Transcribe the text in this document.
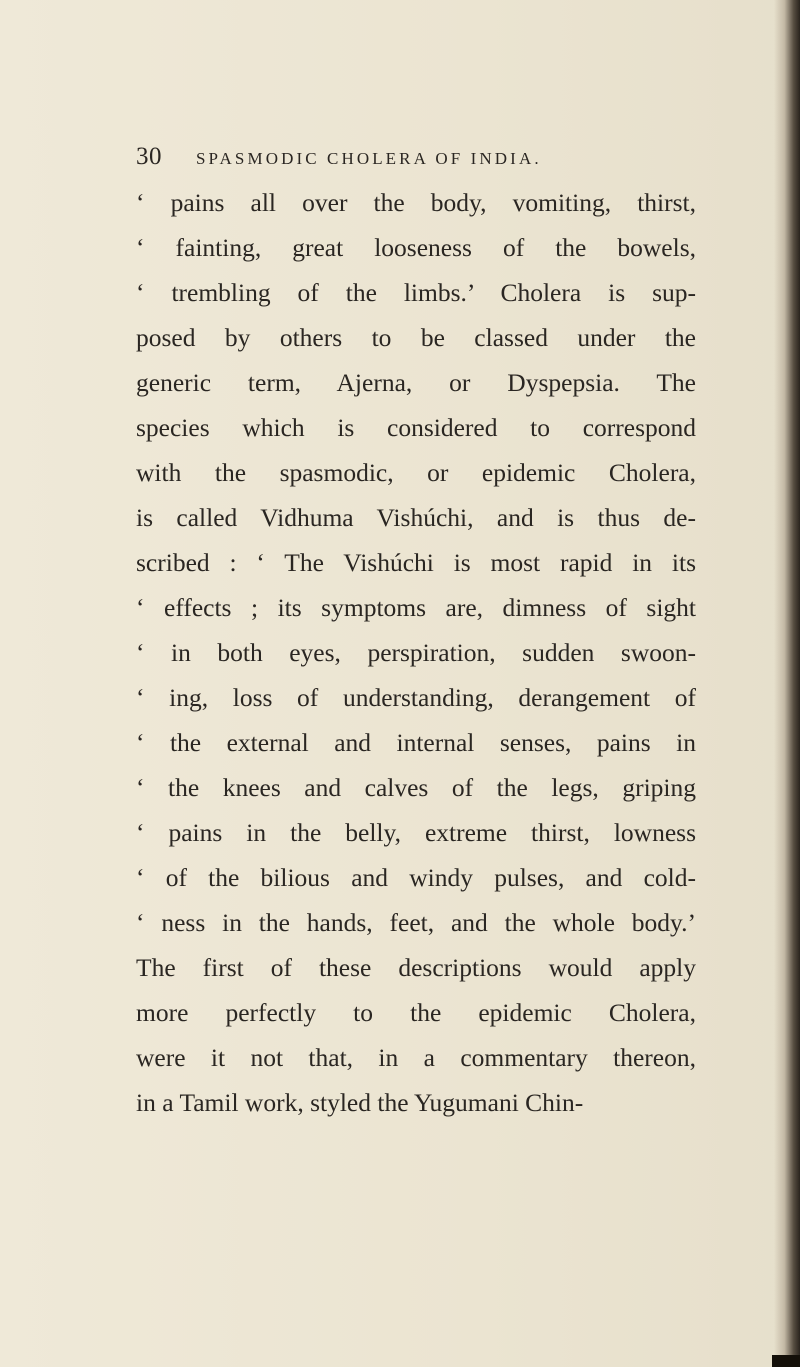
30 SPASMODIC CHOLERA OF INDIA.
‘ pains all over the body, vomiting, thirst,
‘ fainting, great looseness of the bowels,
‘ trembling of the limbs.’ Cholera is sup-
posed by others to be classed under the
generic term, Ajerna, or Dyspepsia. The
species which is considered to correspond
with the spasmodic, or epidemic Cholera,
is called Vidhuma Vishúchi, and is thus de-
scribed : ‘ The Vishúchi is most rapid in its
‘ effects ; its symptoms are, dimness of sight
‘ in both eyes, perspiration, sudden swoon-
‘ ing, loss of understanding, derangement of
‘ the external and internal senses, pains in
‘ the knees and calves of the legs, griping
‘ pains in the belly, extreme thirst, lowness
‘ of the bilious and windy pulses, and cold-
‘ ness in the hands, feet, and the whole body.’
The first of these descriptions would apply
more perfectly to the epidemic Cholera,
were it not that, in a commentary thereon,
in a Tamil work, styled the Yugumani Chin-
